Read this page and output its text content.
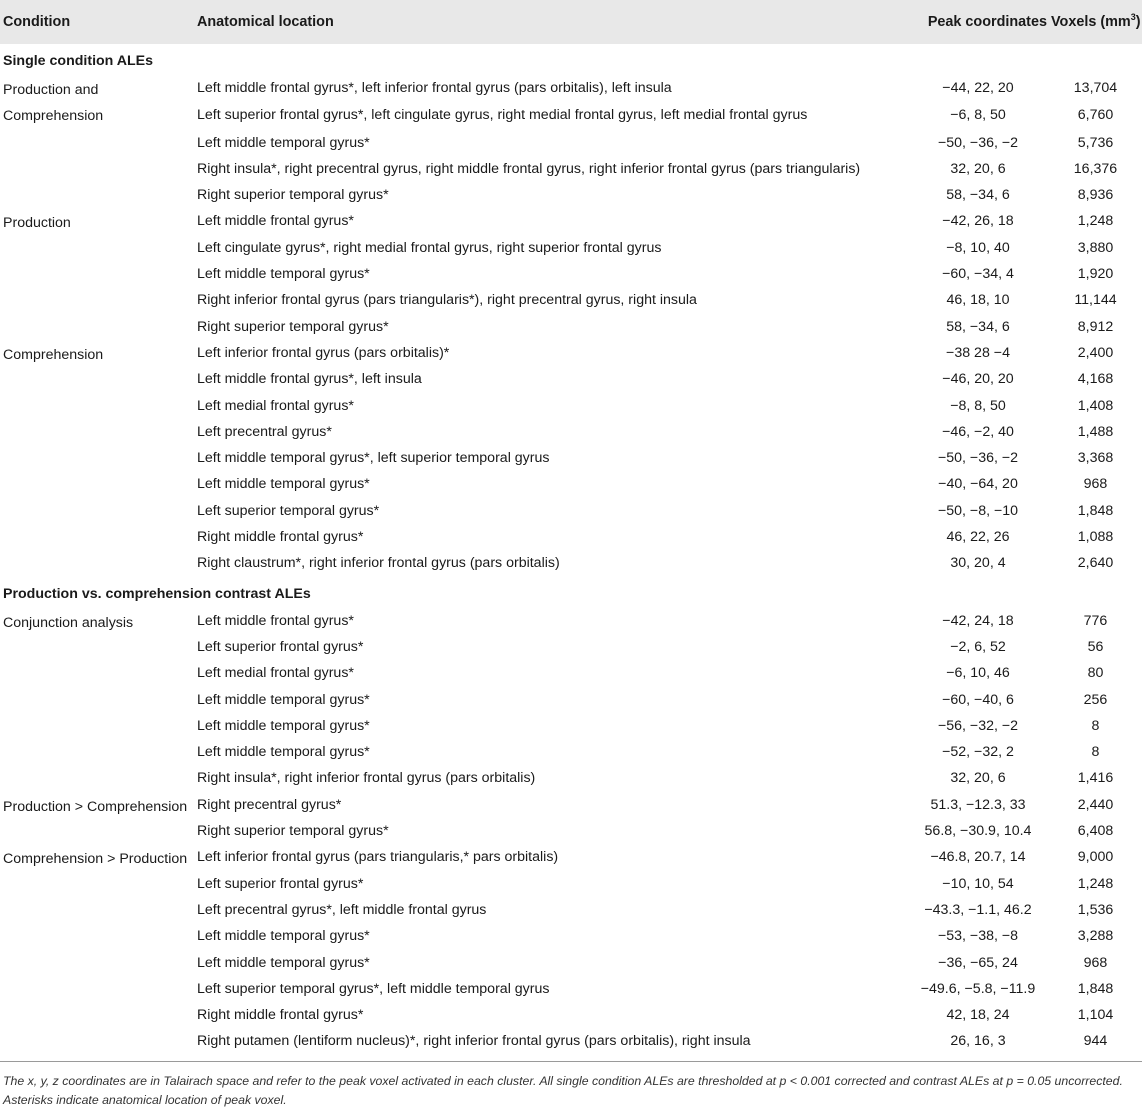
Condition	Anatomical location	Peak coordinates	Voxels $(mm^3)$
Single condition ALEs			
Production and Comprehension	Left middle frontal gyrus*, left inferior frontal gyrus (pars orbitalis), left insula	−44, 22, 20	13,704
	Left superior frontal gyrus*, left cingulate gyrus, right medial frontal gyrus, left medial frontal gyrus	−6, 8, 50	6,760
	Left middle temporal gyrus*	−50, −36, −2	5,736
	Right insula*, right precentral gyrus, right middle frontal gyrus, right inferior frontal gyrus (pars triangularis)	32, 20, 6	16,376
	Right superior temporal gyrus*	58, −34, 6	8,936
Production	Left middle frontal gyrus*	−42, 26, 18	1,248
	Left cingulate gyrus*, right medial frontal gyrus, right superior frontal gyrus	−8, 10, 40	3,880
	Left middle temporal gyrus*	−60, −34, 4	1,920
	Right inferior frontal gyrus (pars triangularis*), right precentral gyrus, right insula	46, 18, 10	11,144
	Right superior temporal gyrus*	58, −34, 6	8,912
Comprehension	Left inferior frontal gyrus (pars orbitalis)*	−38 28 −4	2,400
	Left middle frontal gyrus*, left insula	−46, 20, 20	4,168
	Left medial frontal gyrus*	−8, 8, 50	1,408
	Left precentral gyrus*	−46, −2, 40	1,488
	Left middle temporal gyrus*, left superior temporal gyrus	−50, −36, −2	3,368
	Left middle temporal gyrus*	−40, −64, 20	968
	Left superior temporal gyrus*	−50, −8, −10	1,848
	Right middle frontal gyrus*	46, 22, 26	1,088
	Right claustrum*, right inferior frontal gyrus (pars orbitalis)	30, 20, 4	2,640
Production vs. comprehension contrast ALEs			
Conjunction analysis	Left middle frontal gyrus*	−42, 24, 18	776
	Left superior frontal gyrus*	−2, 6, 52	56
	Left medial frontal gyrus*	−6, 10, 46	80
	Left middle temporal gyrus*	−60, −40, 6	256
	Left middle temporal gyrus*	−56, −32, −2	8
	Left middle temporal gyrus*	−52, −32, 2	8
	Right insula*, right inferior frontal gyrus (pars orbitalis)	32, 20, 6	1,416
Production > Comprehension	Right precentral gyrus*	51.3, −12.3, 33	2,440
	Right superior temporal gyrus*	56.8, −30.9, 10.4	6,408
Comprehension > Production	Left inferior frontal gyrus (pars triangularis,* pars orbitalis)	−46.8, 20.7, 14	9,000
	Left superior frontal gyrus*	−10, 10, 54	1,248
	Left precentral gyrus*, left middle frontal gyrus	−43.3, −1.1, 46.2	1,536
	Left middle temporal gyrus*	−53, −38, −8	3,288
	Left middle temporal gyrus*	−36, −65, 24	968
	Left superior temporal gyrus*, left middle temporal gyrus	−49.6, −5.8, −11.9	1,848
	Right middle frontal gyrus*	42, 18, 24	1,104
	Right putamen (lentiform nucleus)*, right inferior frontal gyrus (pars orbitalis), right insula	26, 16, 3	944
The x, y, z coordinates are in Talairach space and refer to the peak voxel activated in each cluster. All single condition ALEs are thresholded at p < 0.001 corrected and contrast ALEs at p = 0.05 uncorrected. Asterisks indicate anatomical location of peak voxel.
